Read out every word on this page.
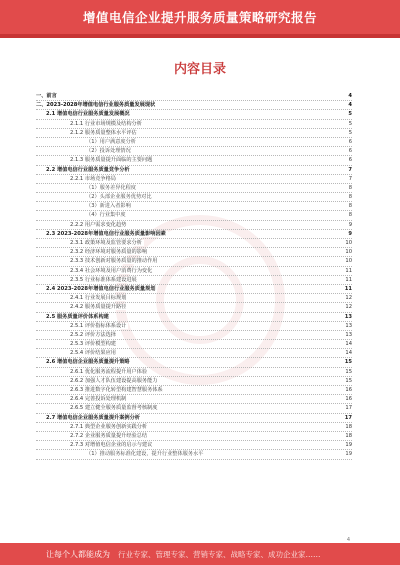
增值电信企业提升服务质量策略研究报告
内容目录
一、前言	4
二、2023-2028年增值电信行业服务质量发展现状	4
2.1 增值电信行业服务质量发展概况	5
2.1.1 行业市场规模及结构分析	5
2.1.2 服务质量整体水平评估	5
（1）用户满意度分析	6
（2）投诉处理情况	6
2.1.3 服务质量提升面临的主要问题	6
2.2 增值电信行业服务质量竞争分析	7
2.2.1 市场竞争格局	7
（1）服务差异化程度	8
（2）头部企业服务优势对比	8
（3）新进入者影响	8
（4）行业集中度	8
2.2.2 用户需求变化趋势	9
2.3 2023-2028年增值电信行业服务质量影响因素	9
2.3.1 政策环境及监管要求分析	10
2.3.2 经济环境对服务质量的影响	10
2.3.3 技术创新对服务质量的推动作用	10
2.3.4 社会环境及用户消费行为变化	11
2.3.5 行业标准体系建设进展	11
2.4 2023-2028年增值电信行业服务质量规划	11
2.4.1 行业发展目标规划	12
2.4.2 服务质量提升路径	12
2.5 服务质量评价体系构建	13
2.5.1 评价指标体系设计	13
2.5.2 评价方法选择	13
2.5.3 评价模型构建	14
2.5.4 评价结果应用	14
2.6 增值电信企业服务质量提升策略	15
2.6.1 优化服务流程提升用户体验	15
2.6.2 加强人才队伍建设提高服务能力	15
2.6.3 推进数字化转型构建智慧服务体系	16
2.6.4 完善投诉处理机制	16
2.6.5 建立健全服务质量监督考核制度	17
2.7 增值电信企业服务质量提升案例分析	17
2.7.1 典型企业服务创新实践分析	18
2.7.2 企业服务质量提升经验总结	18
2.7.3 对增值电信企业的启示与建议	19
（1）推动服务标准化建设，提升行业整体服务水平	19
4
让每个人都能成为 行业专家、管理专家、营销专家、战略专家、成功企业家……
